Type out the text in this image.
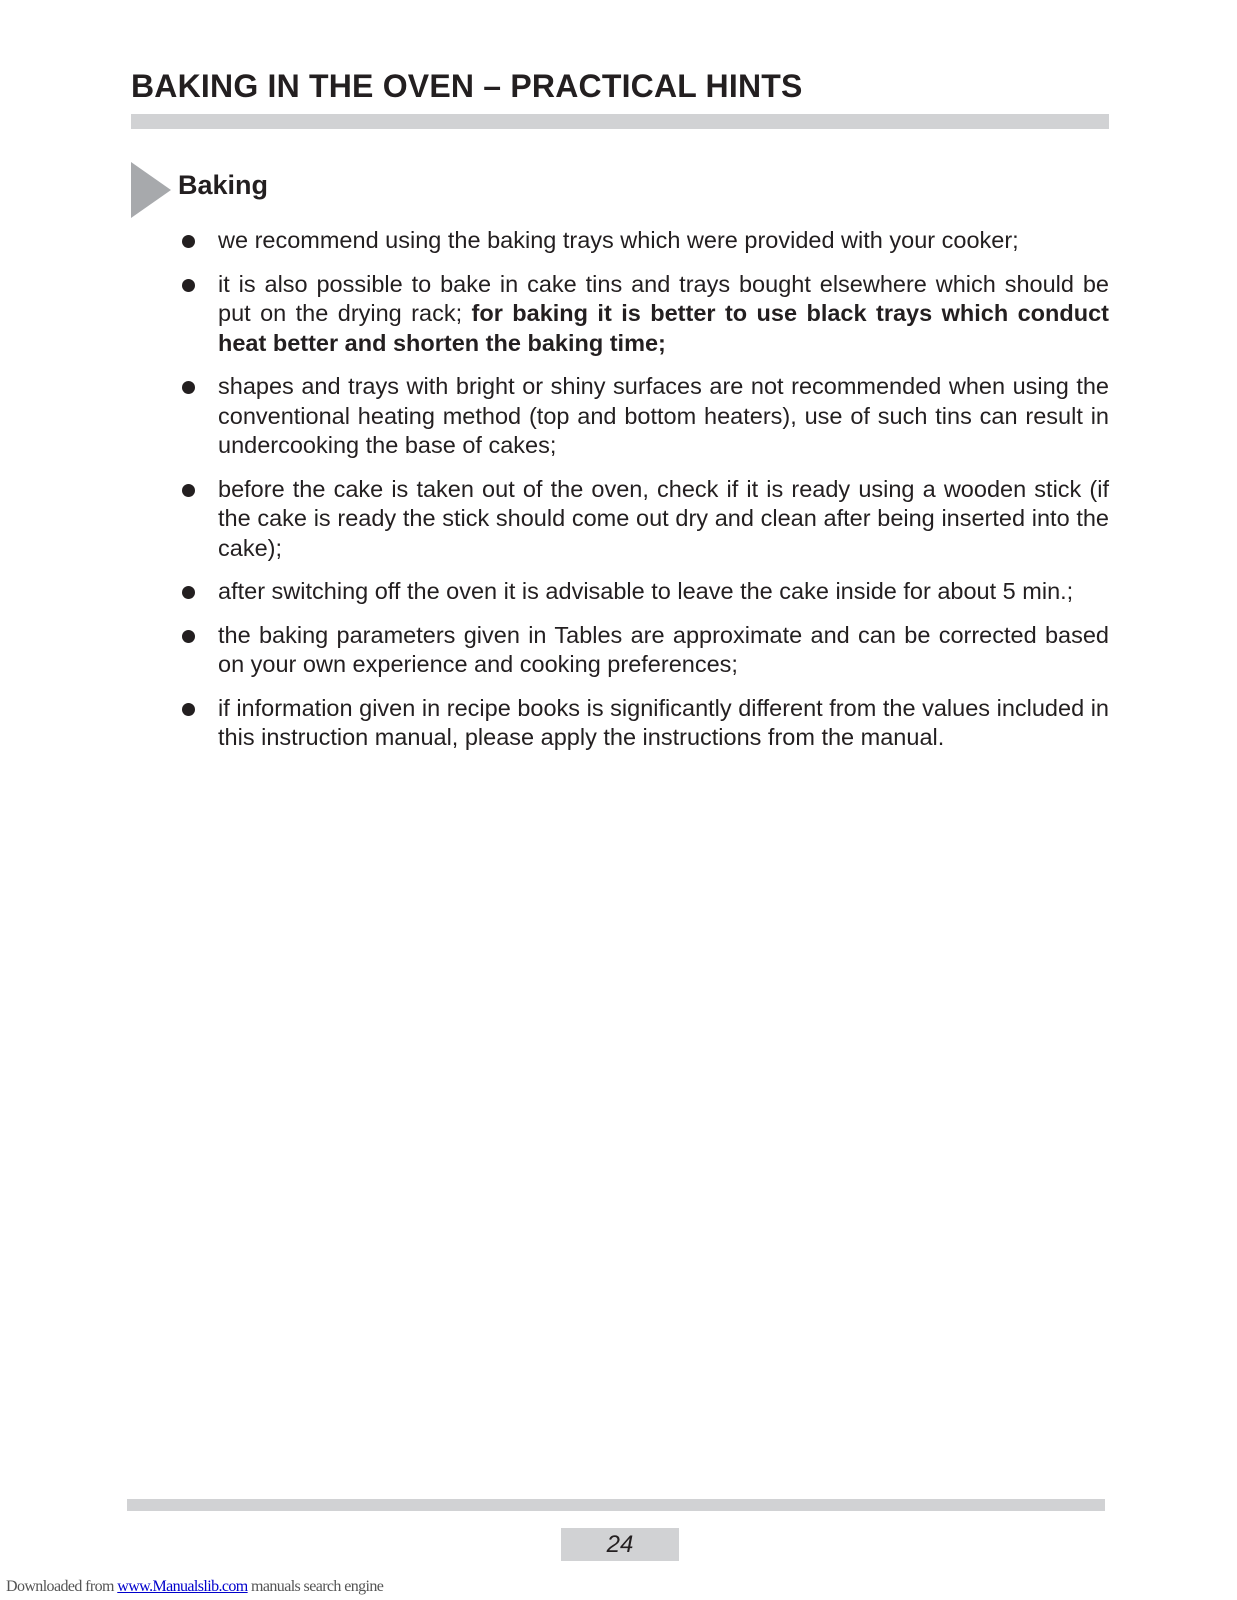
BAKING IN THE OVEN – PRACTICAL HINTS
Baking
we recommend using the baking trays which were provided with your cooker;
it is also possible to bake in cake tins and trays bought elsewhere which should be put on the drying rack; for baking it is better to use black trays which conduct heat better and shorten the baking time;
shapes and trays with bright or shiny surfaces are not recommended when using the conventional heating method (top and bottom heaters), use of such tins can result in undercooking the base of cakes;
before the cake is taken out of the oven, check if it is ready using a wooden stick (if the cake is ready the stick should come out dry and clean after being inserted into the cake);
after switching off the oven it is advisable to leave the cake inside for about 5 min.;
the baking parameters given in Tables are approximate and can be corrected based on your own experience and cooking preferences;
if information given in recipe books is significantly different from the values included in this instruction manual, please apply the instructions from the manual.
24
Downloaded from www.Manualslib.com manuals search engine
